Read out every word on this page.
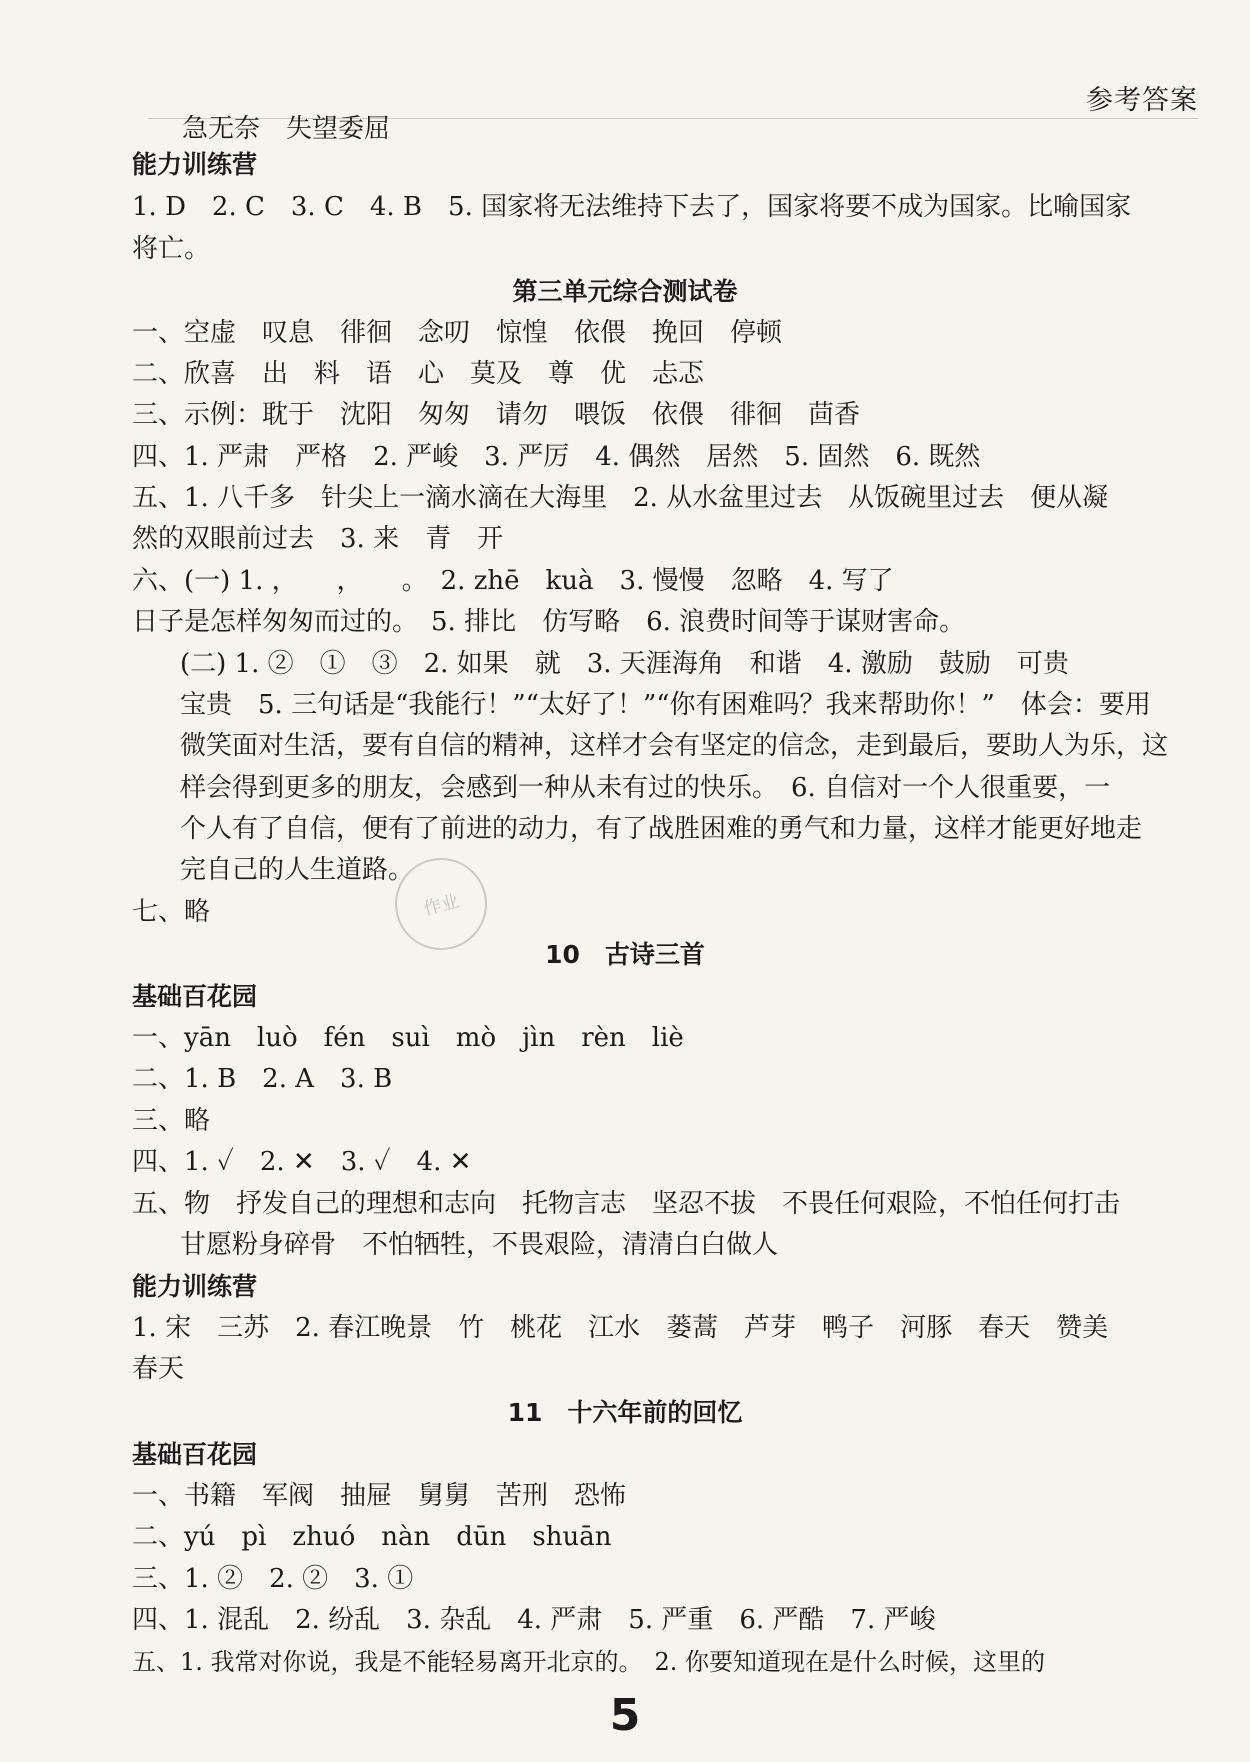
参考答案
作业
急无奈　失望委屈
能力训练营
1. D　2. C　3. C　4. B　5. 国家将无法维持下去了，国家将要不成为国家。比喻国家
将亡。
第三单元综合测试卷
一、空虚　叹息　徘徊　念叨　惊惶　依偎　挽回　停顿
二、欣喜　出　料　语　心　莫及　尊　优　忐忑
三、示例：耽于　沈阳　匆匆　请勿　喂饭　依偎　徘徊　茴香
四、1. 严肃　严格　2. 严峻　3. 严厉　4. 偶然　居然　5. 固然　6. 既然
五、1. 八千多　针尖上一滴水滴在大海里　2. 从水盆里过去　从饭碗里过去　便从凝
然的双眼前过去　3. 来　青　开
六、(一) 1. ，　　，　　。　2. zhē　kuà　3. 慢慢　忽略　4. 写了
日子是怎样匆匆而过的。　5. 排比　仿写略　6. 浪费时间等于谋财害命。
(二) 1. ②　①　③　2. 如果　就　3. 天涯海角　和谐　4. 激励　鼓励　可贵
宝贵　5. 三句话是“我能行！”“太好了！”“你有困难吗？我来帮助你！”　体会：要用
微笑面对生活，要有自信的精神，这样才会有坚定的信念，走到最后，要助人为乐，这
样会得到更多的朋友，会感到一种从未有过的快乐。　6. 自信对一个人很重要，一
个人有了自信，便有了前进的动力，有了战胜困难的勇气和力量，这样才能更好地走
完自己的人生道路。
七、略
10　古诗三首
基础百花园
一、yān　luò　fén　suì　mò　jìn　rèn　liè
二、1. B　2. A　3. B
三、略
四、1. ✓　2. ✕　3. ✓　4. ✕
五、物　抒发自己的理想和志向　托物言志　坚忍不拔　不畏任何艰险，不怕任何打击
甘愿粉身碎骨　不怕牺牲，不畏艰险，清清白白做人
能力训练营
1. 宋　三苏　2. 春江晚景　竹　桃花　江水　蒌蒿　芦芽　鸭子　河豚　春天　赞美
春天
11　十六年前的回忆
基础百花园
一、书籍　军阀　抽屉　舅舅　苦刑　恐怖
二、yú　pì　zhuó　nàn　dūn　shuān
三、1. ②　2. ②　3. ①
四、1. 混乱　2. 纷乱　3. 杂乱　4. 严肃　5. 严重　6. 严酷　7. 严峻
五、1. 我常对你说，我是不能轻易离开北京的。　2. 你要知道现在是什么时候，这里的
5
